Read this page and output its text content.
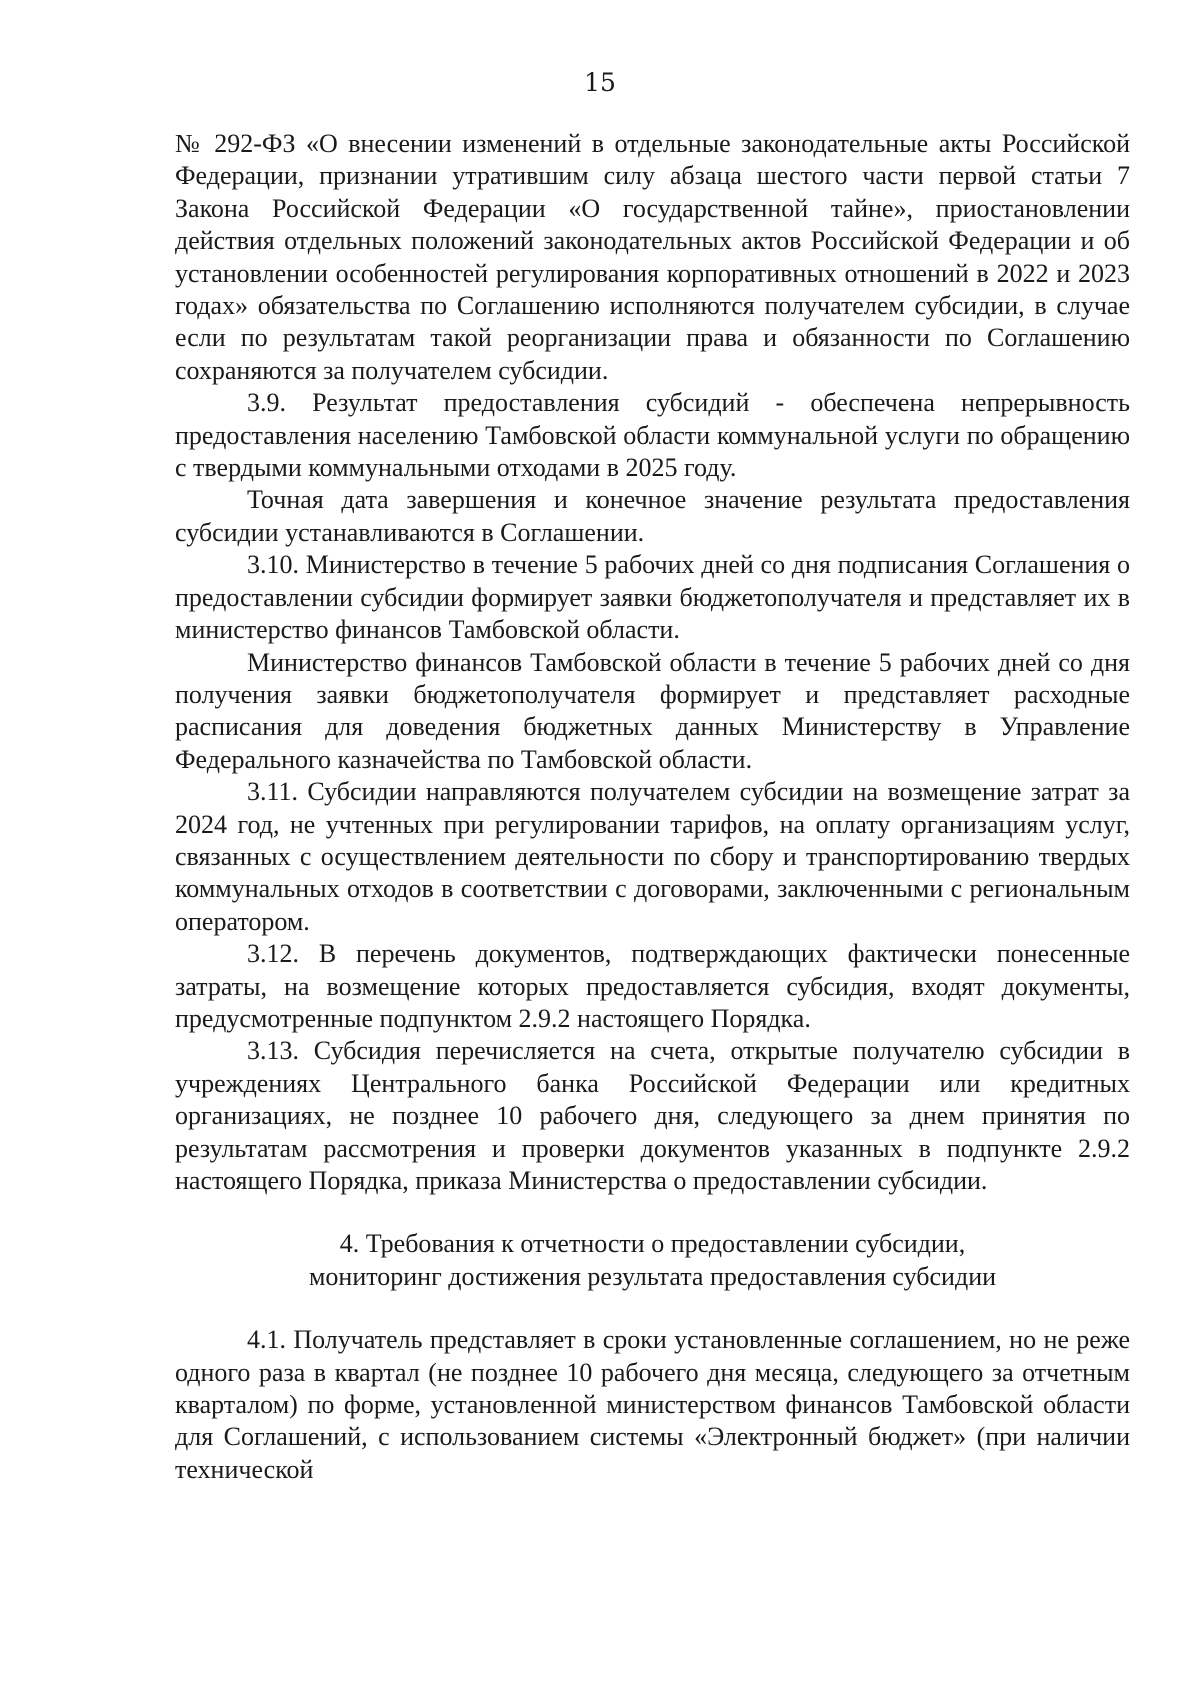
15

№ 292-ФЗ «О внесении изменений в отдельные законодательные акты Российской Федерации, признании утратившим силу абзаца шестого части первой статьи 7 Закона Российской Федерации «О государственной тайне», приостановлении действия отдельных положений законодательных актов Российской Федерации и об установлении особенностей регулирования корпоративных отношений в 2022 и 2023 годах» обязательства по Соглашению исполняются получателем субсидии, в случае если по результатам такой реорганизации права и обязанности по Соглашению сохраняются за получателем субсидии.

3.9. Результат предоставления субсидий - обеспечена непрерывность предоставления населению Тамбовской области коммунальной услуги по обращению с твердыми коммунальными отходами в 2025 году.

Точная дата завершения и конечное значение результата предоставления субсидии устанавливаются в Соглашении.

3.10. Министерство в течение 5 рабочих дней со дня подписания Соглашения о предоставлении субсидии формирует заявки бюджетополучателя и представляет их в министерство финансов Тамбовской области.

Министерство финансов Тамбовской области в течение 5 рабочих дней со дня получения заявки бюджетополучателя формирует и представляет расходные расписания для доведения бюджетных данных Министерству в Управление Федерального казначейства по Тамбовской области.

3.11. Субсидии направляются получателем субсидии на возмещение затрат за 2024 год, не учтенных при регулировании тарифов, на оплату организациям услуг, связанных с осуществлением деятельности по сбору и транспортированию твердых коммунальных отходов в соответствии с договорами, заключенными с региональным оператором.

3.12. В перечень документов, подтверждающих фактически понесенные затраты, на возмещение которых предоставляется субсидия, входят документы, предусмотренные подпунктом 2.9.2 настоящего Порядка.

3.13. Субсидия перечисляется на счета, открытые получателю субсидии в учреждениях Центрального банка Российской Федерации или кредитных организациях, не позднее 10 рабочего дня, следующего за днем принятия по результатам рассмотрения и проверки документов указанных в подпункте 2.9.2 настоящего Порядка, приказа Министерства о предоставлении субсидии.

4. Требования к отчетности о предоставлении субсидии,
мониторинг достижения результата предоставления субсидии

4.1. Получатель представляет в сроки установленные соглашением, но не реже одного раза в квартал (не позднее 10 рабочего дня месяца, следующего за отчетным кварталом) по форме, установленной министерством финансов Тамбовской области для Соглашений, с использованием системы «Электронный бюджет» (при наличии технической
